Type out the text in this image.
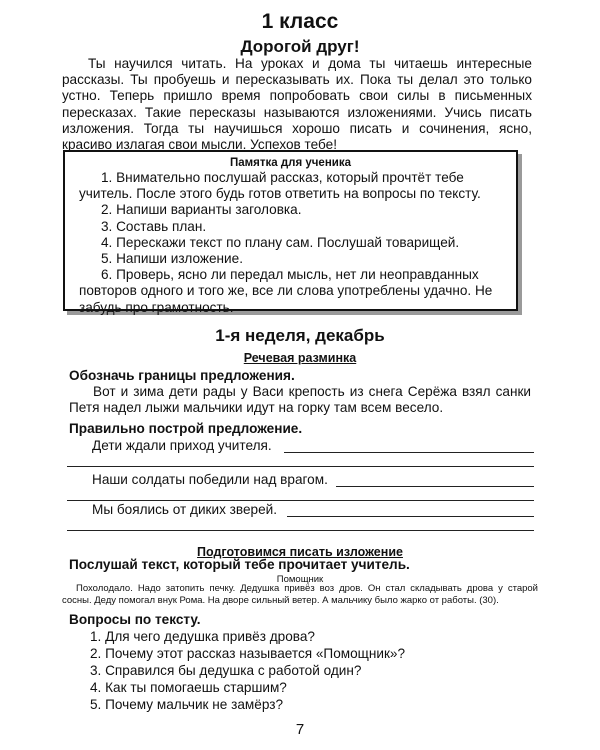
1 класс
Дорогой друг!

Ты научился читать. На уроках и дома ты читаешь интересные рассказы. Ты пробуешь и пересказывать их. Пока ты делал это только устно. Теперь пришло время попробовать свои силы в письменных пересказах. Такие пересказы называются изложениями. Учись писать изложения. Тогда ты научишься хорошо писать и сочинения, ясно, красиво излагая свои мысли. Успехов тебе!

Памятка для ученика
1. Внимательно послушай рассказ, который прочтёт тебе учитель. После этого будь готов ответить на вопросы по тексту.
2. Напиши варианты заголовка.
3. Составь план.
4. Перескажи текст по плану сам. Послушай товарищей.
5. Напиши изложение.
6. Проверь, ясно ли передал мысль, нет ли неоправданных повторов одного и того же, все ли слова употреблены удачно. Не забудь про грамотность.
1-я неделя, декабрь
Речевая разминка
Обозначь границы предложения.
Вот и зима дети рады у Васи крепость из снега Серёжа взял санки Петя надел лыжи мальчики идут на горку там всем весело.
Правильно построй предложение.
Дети ждали приход учителя.
Наши солдаты победили над врагом.
Мы боялись от диких зверей.
Подготовимся писать изложение
Послушай текст, который тебе прочитает учитель.
Помощник
Похолодало. Надо затопить печку. Дедушка привёз воз дров. Он стал складывать дрова у старой сосны. Деду помогал внук Рома. На дворе сильный ветер. А мальчику было жарко от работы. (30).
Вопросы по тексту.
1. Для чего дедушка привёз дрова?
2. Почему этот рассказ называется «Помощник»?
3. Справился бы дедушка с работой один?
4. Как ты помогаешь старшим?
5. Почему мальчик не замёрз?
7
